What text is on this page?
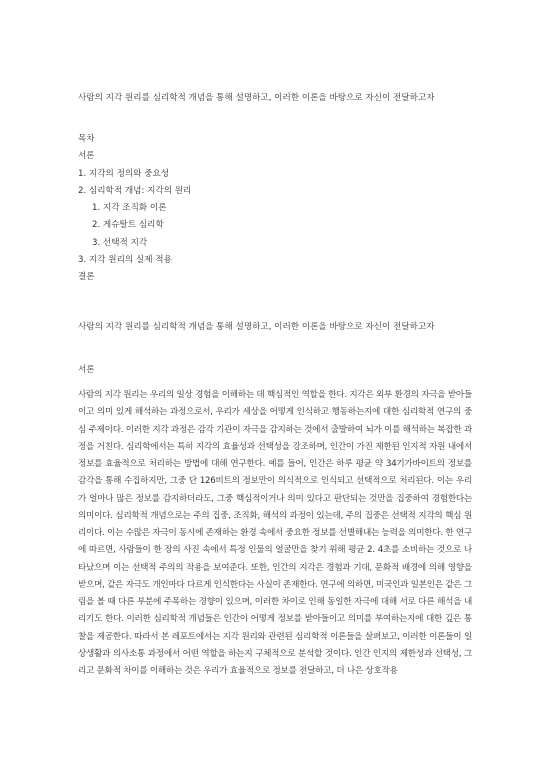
사람의 지각 원리를 심리학적 개념을 통해 설명하고, 이러한 이론을 바탕으로 자신이 전달하고자
목차
서론
1. 지각의 정의와 중요성
2. 심리학적 개념: 지각의 원리
1. 지각 조직화 이론
2. 게슈탈트 심리학
3. 선택적 지각
3. 지각 원리의 실제 적용
결론
사람의 지각 원리를 심리학적 개념을 통해 설명하고, 이러한 이론을 바탕으로 자신이 전달하고자
서론
사람의 지각 원리는 우리의 일상 경험을 이해하는 데 핵심적인 역할을 한다. 지각은 외부 환경의 자극을 받아들이고 의미 있게 해석하는 과정으로서, 우리가 세상을 어떻게 인식하고 행동하는지에 대한 심리학적 연구의 중심 주제이다. 이러한 지각 과정은 감각 기관이 자극을 감지하는 것에서 출발하여 뇌가 이를 해석하는 복잡한 과정을 거친다. 심리학에서는 특히 지각의 효율성과 선택성을 강조하며, 인간이 가진 제한된 인지적 자원 내에서 정보를 효율적으로 처리하는 방법에 대해 연구한다. 예를 들어, 인간은 하루 평균 약 34기가바이트의 정보를 감각을 통해 수집하지만, 그중 단 126비트의 정보만이 의식적으로 인식되고 선택적으로 처리된다. 이는 우리가 얼마나 많은 정보를 감지하더라도, 그중 핵심적이거나 의미 있다고 판단되는 것만을 집중하여 경험한다는 의미이다. 심리학적 개념으로는 주의 집중, 조직화, 해석의 과정이 있는데, 주의 집중은 선택적 지각의 핵심 원리이다. 이는 수많은 자극이 동시에 존재하는 환경 속에서 중요한 정보를 선별해내는 능력을 의미한다. 한 연구에 따르면, 사람들이 한 장의 사진 속에서 특정 인물의 얼굴만을 찾기 위해 평균 2. 4초를 소비하는 것으로 나타났으며 이는 선택적 주의의 작용을 보여준다. 또한, 인간의 지각은 경험과 기대, 문화적 배경에 의해 영향을 받으며, 같은 자극도 개인마다 다르게 인식한다는 사실이 존재한다. 연구에 의하면, 미국인과 일본인은 같은 그림을 볼 때 다른 부분에 주목하는 경향이 있으며, 이러한 차이로 인해 동일한 자극에 대해 서로 다른 해석을 내리기도 한다. 이러한 심리학적 개념들은 인간이 어떻게 정보를 받아들이고 의미를 부여하는지에 대한 깊은 통찰을 제공한다. 따라서 본 레포트에서는 지각 원리와 관련된 심리학적 이론들을 살펴보고, 이러한 이론들이 일상생활과 의사소통 과정에서 어떤 역할을 하는지 구체적으로 분석할 것이다. 인간 인지의 제한성과 선택성, 그리고 문화적 차이를 이해하는 것은 우리가 효율적으로 정보를 전달하고, 더 나은 상호작용
